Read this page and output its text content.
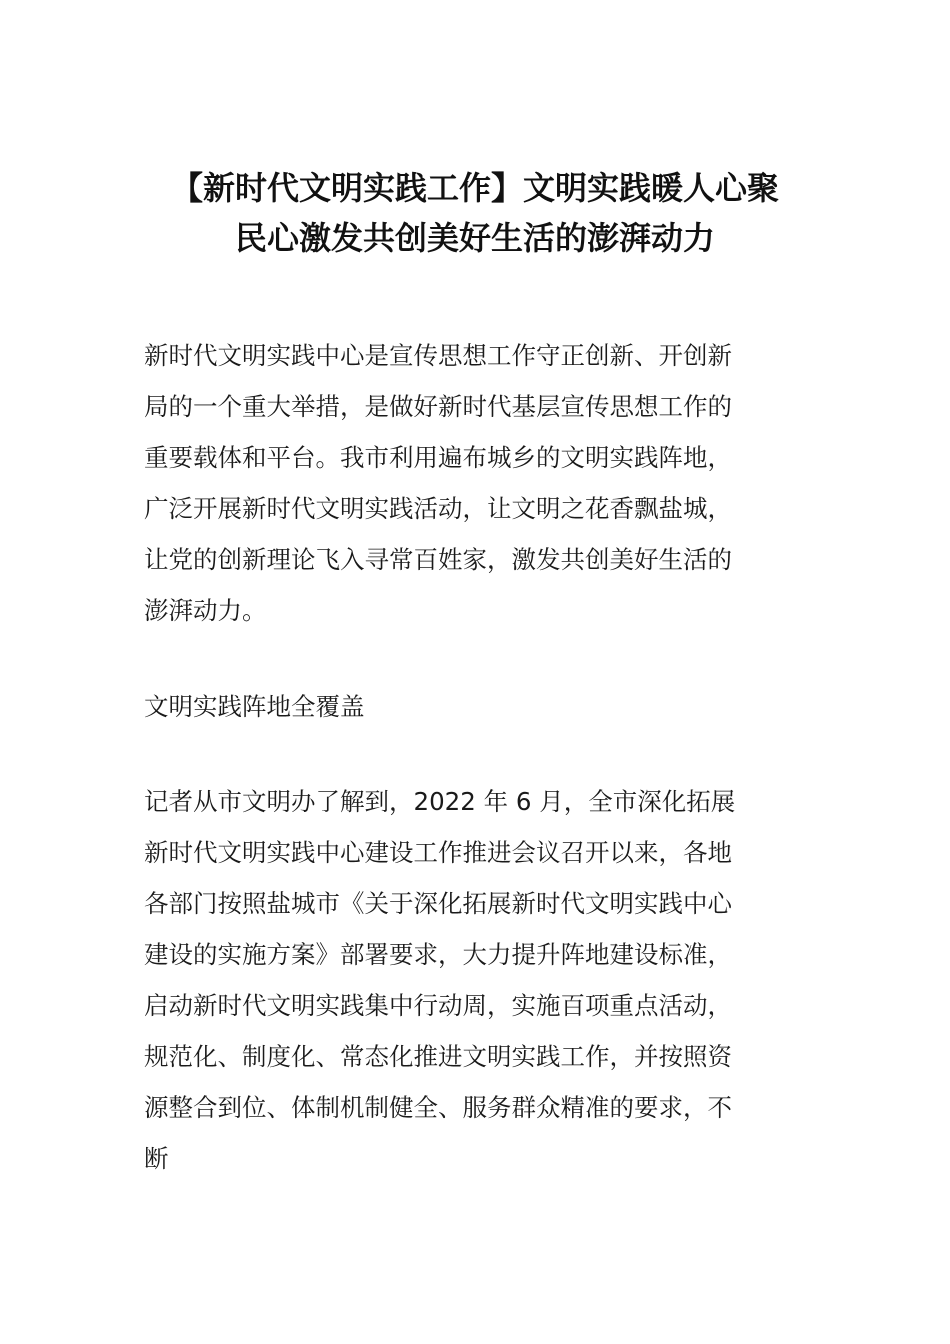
【新时代文明实践工作】文明实践暖人心聚
民心激发共创美好生活的澎湃动力

新时代文明实践中心是宣传思想工作守正创新、开创新
局的一个重大举措，是做好新时代基层宣传思想工作的
重要载体和平台。我市利用遍布城乡的文明实践阵地，
广泛开展新时代文明实践活动，让文明之花香飘盐城，
让党的创新理论飞入寻常百姓家，激发共创美好生活的
澎湃动力。

文明实践阵地全覆盖

记者从市文明办了解到，2022 年 6 月，全市深化拓展
新时代文明实践中心建设工作推进会议召开以来，各地
各部门按照盐城市《关于深化拓展新时代文明实践中心
建设的实施方案》部署要求，大力提升阵地建设标准，
启动新时代文明实践集中行动周，实施百项重点活动，
规范化、制度化、常态化推进文明实践工作，并按照资
源整合到位、体制机制健全、服务群众精准的要求，不
断
